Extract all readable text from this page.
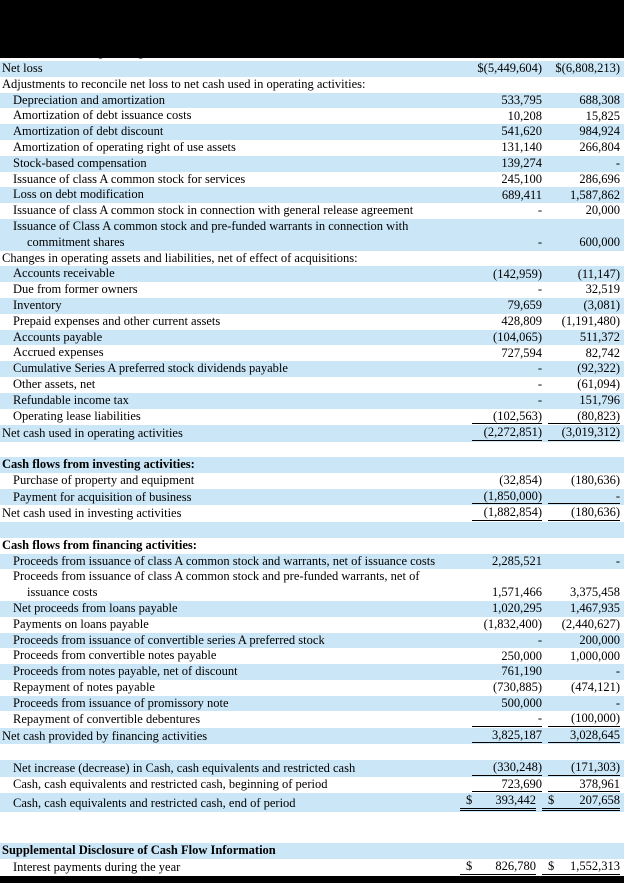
Net loss	$(5,449,604)	$(6,808,213)
Adjustments to reconcile net loss to net cash used in operating activities:
Depreciation and amortization	533,795	688,308
Amortization of debt issuance costs	10,208	15,825
Amortization of debt discount	541,620	984,924
Amortization of operating right of use assets	131,140	266,804
Stock-based compensation	139,274	-
Issuance of class A common stock for services	245,100	286,696
Loss on debt modification	689,411	1,587,862
Issuance of class A common stock in connection with general release agreement	-	20,000
Issuance of Class A common stock and pre-funded warrants in connection with
commitment shares	-	600,000
Changes in operating assets and liabilities, net of effect of acquisitions:
Accounts receivable	(142,959)	(11,147)
Due from former owners	-	32,519
Inventory	79,659	(3,081)
Prepaid expenses and other current assets	428,809	(1,191,480)
Accounts payable	(104,065)	511,372
Accrued expenses	727,594	82,742
Cumulative Series A preferred stock dividends payable	-	(92,322)
Other assets, net	-	(61,094)
Refundable income tax	-	151,796
Operating lease liabilities	(102,563)	(80,823)
Net cash used in operating activities	(2,272,851)	(3,019,312)
Cash flows from investing activities:
Purchase of property and equipment	(32,854)	(180,636)
Payment for acquisition of business	(1,850,000)	-
Net cash used in investing activities	(1,882,854)	(180,636)
Cash flows from financing activities:
Proceeds from issuance of class A common stock and warrants, net of issuance costs	2,285,521	-
Proceeds from issuance of class A common stock and pre-funded warrants, net of
issuance costs	1,571,466	3,375,458
Net proceeds from loans payable	1,020,295	1,467,935
Payments on loans payable	(1,832,400)	(2,440,627)
Proceeds from issuance of convertible series A preferred stock	-	200,000
Proceeds from convertible notes payable	250,000	1,000,000
Proceeds from notes payable, net of discount	761,190	-
Repayment of notes payable	(730,885)	(474,121)
Proceeds from issuance of promissory note	500,000	-
Repayment of convertible debentures	-	(100,000)
Net cash provided by financing activities	3,825,187	3,028,645
Net increase (decrease) in Cash, cash equivalents and restricted cash	(330,248)	(171,303)
Cash, cash equivalents and restricted cash, beginning of period	723,690	378,961
Cash, cash equivalents and restricted cash, end of period	$ 393,442 $ 207,658
Supplemental Disclosure of Cash Flow Information
Interest payments during the year	$ 826,780 $ 1,552,313
